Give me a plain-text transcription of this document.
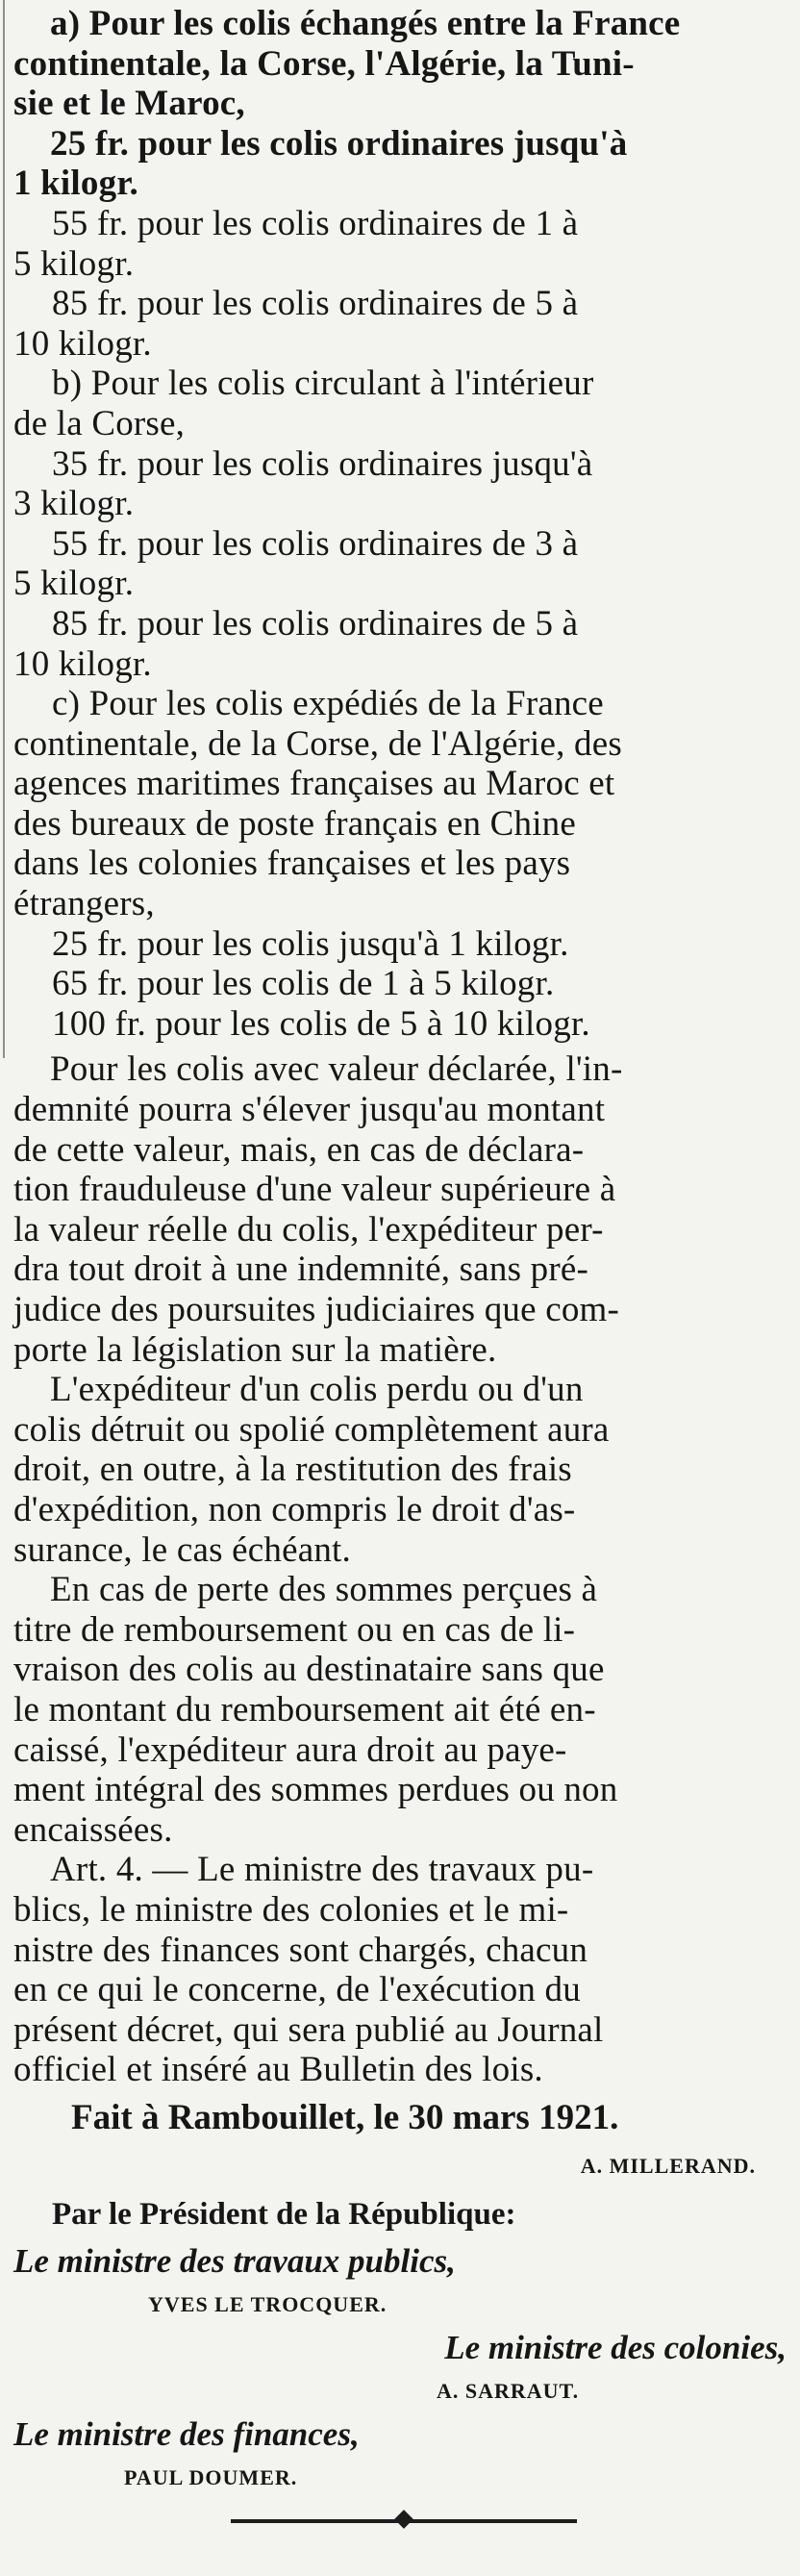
a) Pour les colis échangés entre la France
continentale, la Corse, l'Algérie, la Tuni-
sie et le Maroc,
25 fr. pour les colis ordinaires jusqu'à
1 kilogr.
55 fr. pour les colis ordinaires de 1 à
5 kilogr.
85 fr. pour les colis ordinaires de 5 à
10 kilogr.
b) Pour les colis circulant à l'intérieur
de la Corse,
35 fr. pour les colis ordinaires jusqu'à
3 kilogr.
55 fr. pour les colis ordinaires de 3 à
5 kilogr.
85 fr. pour les colis ordinaires de 5 à
10 kilogr.
c) Pour les colis expédiés de la France
continentale, de la Corse, de l'Algérie, des
agences maritimes françaises au Maroc et
des bureaux de poste français en Chine
dans les colonies françaises et les pays
étrangers,
25 fr. pour les colis jusqu'à 1 kilogr.
65 fr. pour les colis de 1 à 5 kilogr.
100 fr. pour les colis de 5 à 10 kilogr.
Pour les colis avec valeur déclarée, l'in-
demnité pourra s'élever jusqu'au montant
de cette valeur, mais, en cas de déclara-
tion frauduleuse d'une valeur supérieure à
la valeur réelle du colis, l'expéditeur per-
dra tout droit à une indemnité, sans pré-
judice des poursuites judiciaires que com-
porte la législation sur la matière.
L'expéditeur d'un colis perdu ou d'un
colis détruit ou spolié complètement aura
droit, en outre, à la restitution des frais
d'expédition, non compris le droit d'as-
surance, le cas échéant.
En cas de perte des sommes perçues à
titre de remboursement ou en cas de li-
vraison des colis au destinataire sans que
le montant du remboursement ait été en-
caissé, l'expéditeur aura droit au paye-
ment intégral des sommes perdues ou non
encaissées.
Art. 4. — Le ministre des travaux pu-
blics, le ministre des colonies et le mi-
nistre des finances sont chargés, chacun
en ce qui le concerne, de l'exécution du
présent décret, qui sera publié au Journal
officiel et inséré au Bulletin des lois.
Fait à Rambouillet, le 30 mars 1921.
A. MILLERAND.
Par le Président de la République:
Le ministre des travaux publics,
YVES LE TROCQUER.
Le ministre des colonies,
A. SARRAUT.
Le ministre des finances,
PAUL DOUMER.
